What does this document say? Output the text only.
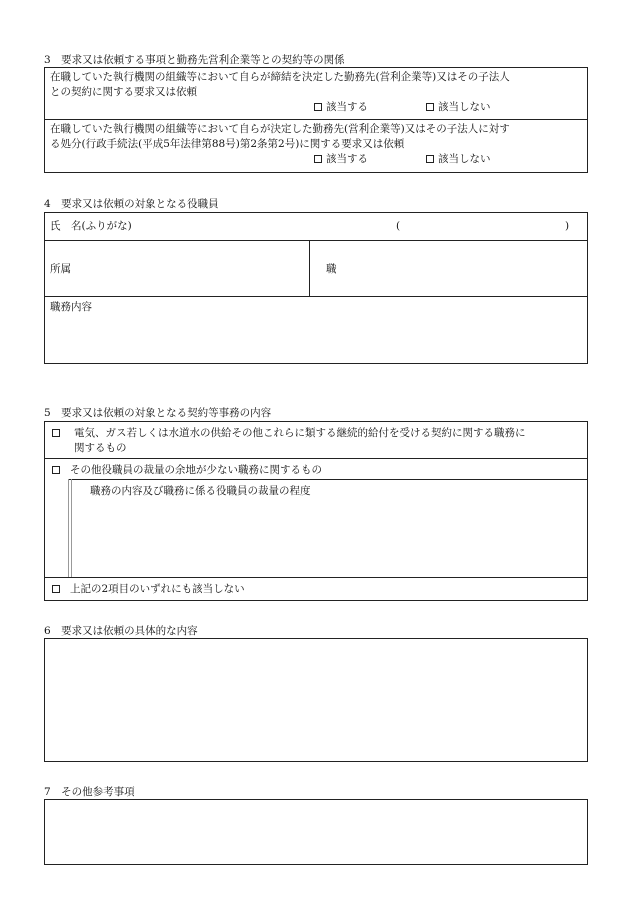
3　要求又は依頼する事項と勤務先営利企業等との契約等の関係
在職していた執行機関の組織等において自らが締結を決定した勤務先(営利企業等)又はその子法人
との契約に関する要求又は依頼
該当する	該当しない
在職していた執行機関の組織等において自らが決定した勤務先(営利企業等)又はその子法人に対す
る処分(行政手続法(平成5年法律第88号)第2条第2号)に関する要求又は依頼
該当する	該当しない
4　要求又は依頼の対象となる役職員
氏　名(ふりがな)	(	)
所属	職
職務内容
5　要求又は依頼の対象となる契約等事務の内容
電気、ガス若しくは水道水の供給その他これらに類する継続的給付を受ける契約に関する職務に
関するもの
その他役職員の裁量の余地が少ない職務に関するもの
職務の内容及び職務に係る役職員の裁量の程度
上記の2項目のいずれにも該当しない
6　要求又は依頼の具体的な内容
7　その他参考事項
